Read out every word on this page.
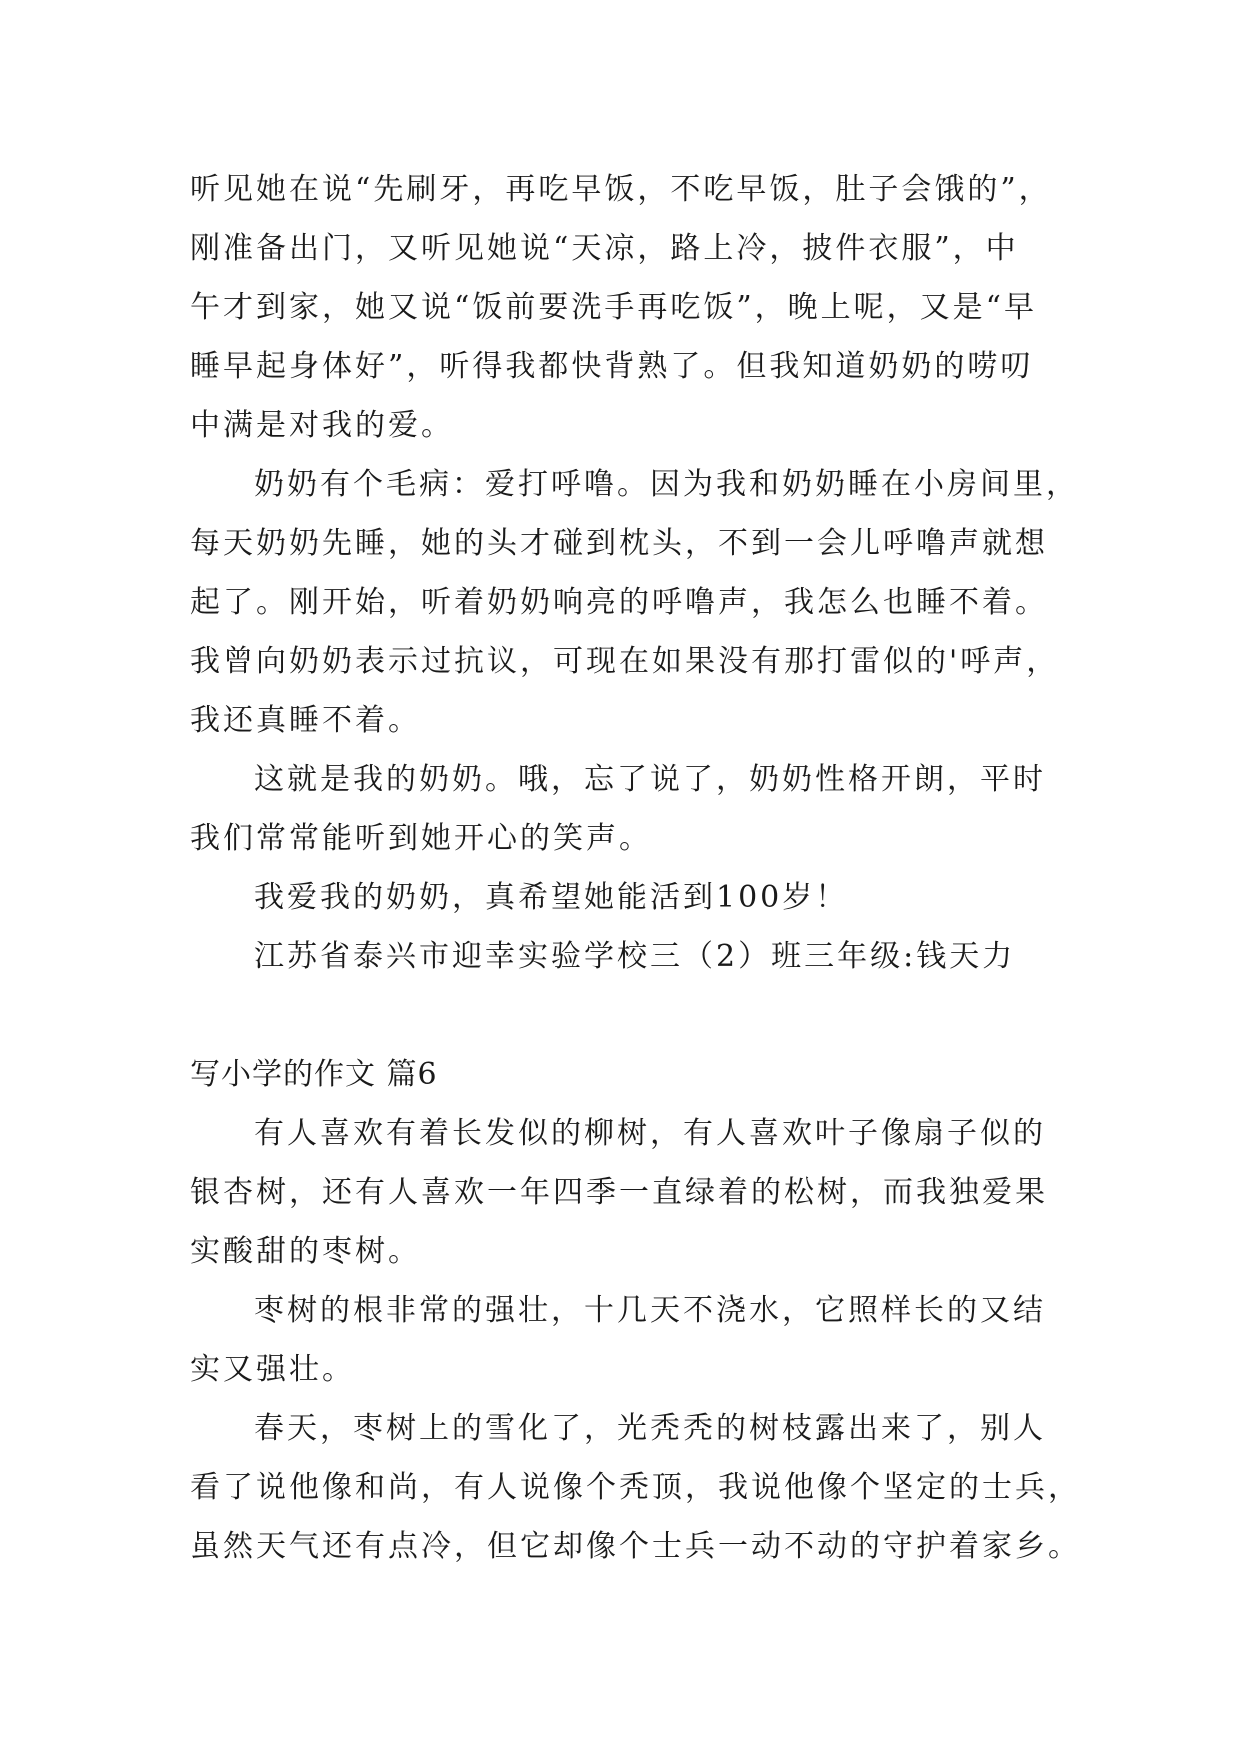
听见她在说“先刷牙，再吃早饭，不吃早饭，肚子会饿的”，
刚准备出门，又听见她说“天凉，路上冷，披件衣服”，中
午才到家，她又说“饭前要洗手再吃饭”，晚上呢，又是“早
睡早起身体好”，听得我都快背熟了。但我知道奶奶的唠叨
中满是对我的爱。
奶奶有个毛病：爱打呼噜。因为我和奶奶睡在小房间里，
每天奶奶先睡，她的头才碰到枕头，不到一会儿呼噜声就想
起了。刚开始，听着奶奶响亮的呼噜声，我怎么也睡不着。
我曾向奶奶表示过抗议，可现在如果没有那打雷似的'呼声，
我还真睡不着。
这就是我的奶奶。哦，忘了说了，奶奶性格开朗，平时
我们常常能听到她开心的笑声。
我爱我的奶奶，真希望她能活到100岁！
江苏省泰兴市迎幸实验学校三（2）班三年级:钱天力
写小学的作文 篇6
有人喜欢有着长发似的柳树，有人喜欢叶子像扇子似的
银杏树，还有人喜欢一年四季一直绿着的松树，而我独爱果
实酸甜的枣树。
枣树的根非常的强壮，十几天不浇水，它照样长的又结
实又强壮。
春天，枣树上的雪化了，光秃秃的树枝露出来了，别人
看了说他像和尚，有人说像个秃顶，我说他像个坚定的士兵，
虽然天气还有点冷，但它却像个士兵一动不动的守护着家乡。
